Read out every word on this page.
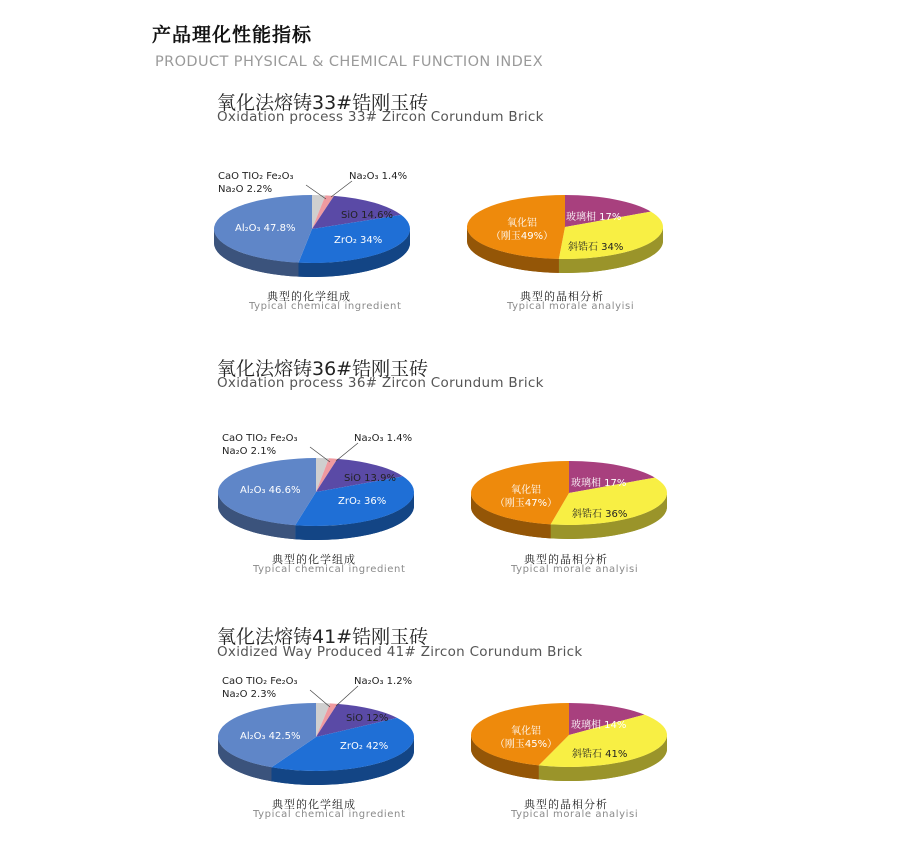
产品理化性能指标
PRODUCT PHYSICAL & CHEMICAL FUNCTION INDEX
氧化法熔铸33#锆刚玉砖
Oxidation process 33# Zircon Corundum Brick
CaO TIO₂ Fe₂O₃
Na₂O 2.2%
Na₂O₃ 1.4%
SiO 14.6%
Al₂O₃ 47.8%
ZrO₂ 34%
玻璃相 17%
斜锆石 34%
氧化铝
（刚玉49%）
典型的化学组成
Typical chemical ingredient
典型的晶相分析
Typical morale analyisi
氧化法熔铸36#锆刚玉砖
Oxidation process 36# Zircon Corundum Brick
CaO TIO₂ Fe₂O₃
Na₂O 2.1%
Na₂O₃ 1.4%
SiO 13.9%
Al₂O₃ 46.6%
ZrO₂ 36%
玻璃相 17%
斜锆石 36%
氧化铝
（刚玉47%）
典型的化学组成
Typical chemical ingredient
典型的晶相分析
Typical morale analyisi
氧化法熔铸41#锆刚玉砖
Oxidized Way Produced 41# Zircon Corundum Brick
CaO TIO₂ Fe₂O₃
Na₂O 2.3%
Na₂O₃ 1.2%
SiO 12%
Al₂O₃ 42.5%
ZrO₂ 42%
玻璃相 14%
斜锆石 41%
氧化铝
（刚玉45%）
典型的化学组成
Typical chemical ingredient
典型的晶相分析
Typical morale analyisi
